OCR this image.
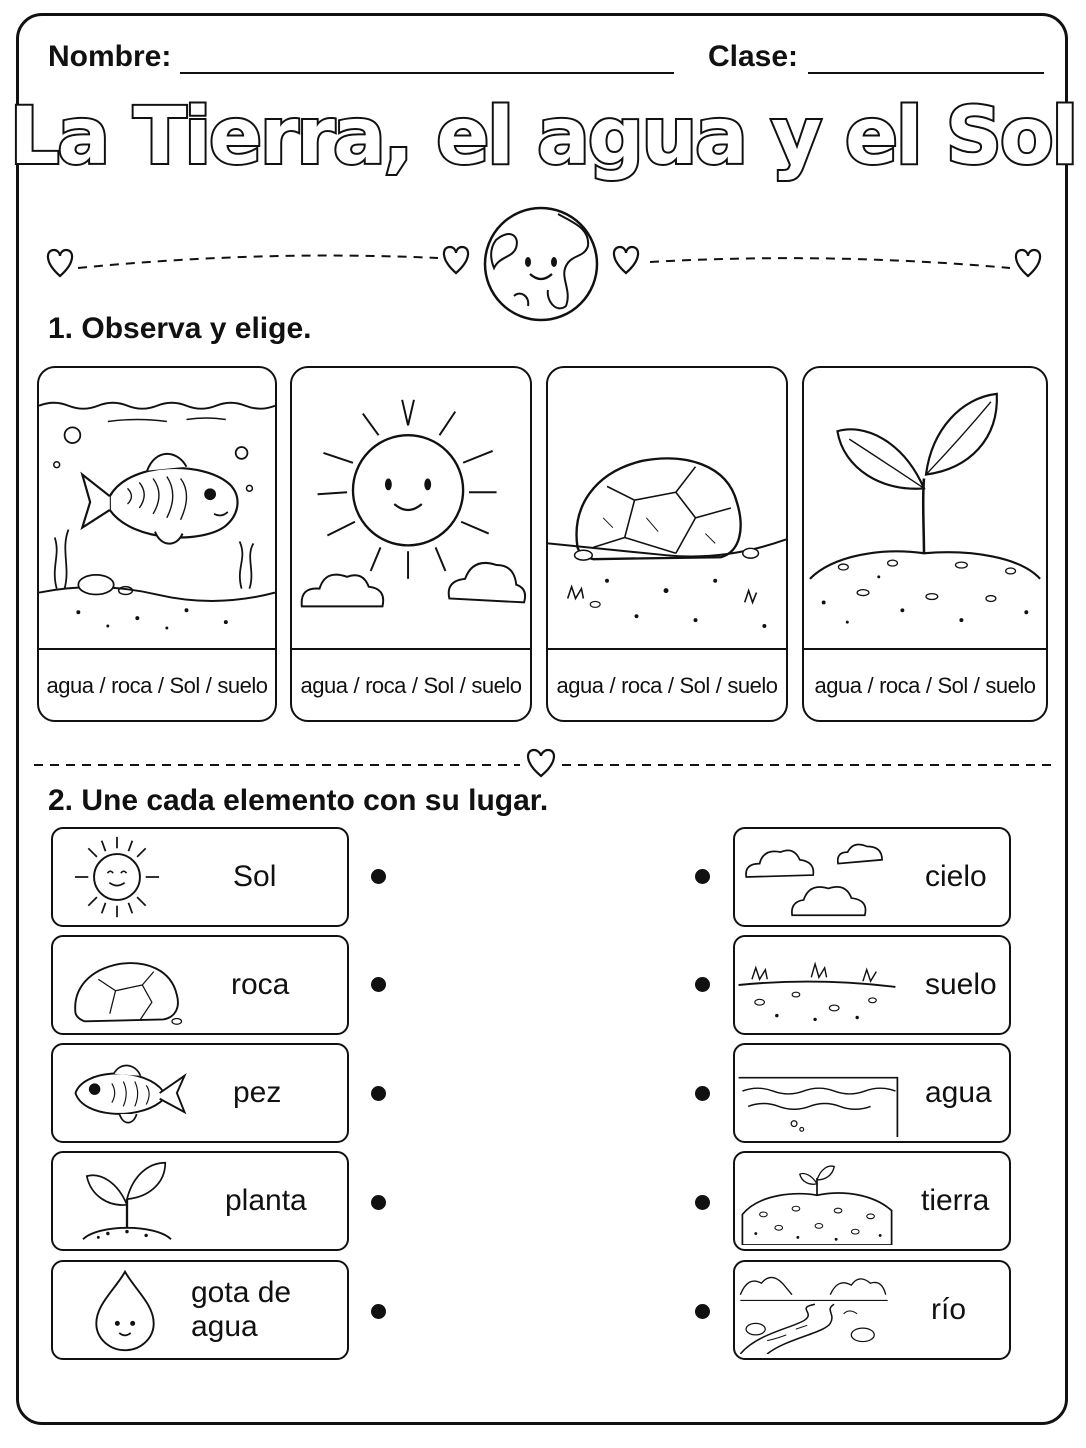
Nombre:	Clase:
La Tierra, el agua y el Sol
1. Observa y elige.
agua / roca / Sol / suelo agua / roca / Sol / suelo agua / roca / Sol / suelo agua / roca / Sol / suelo
2. Une cada elemento con su lugar.
Sol
roca
pez
planta
gota de agua
cielo
suelo
agua
tierra
río
